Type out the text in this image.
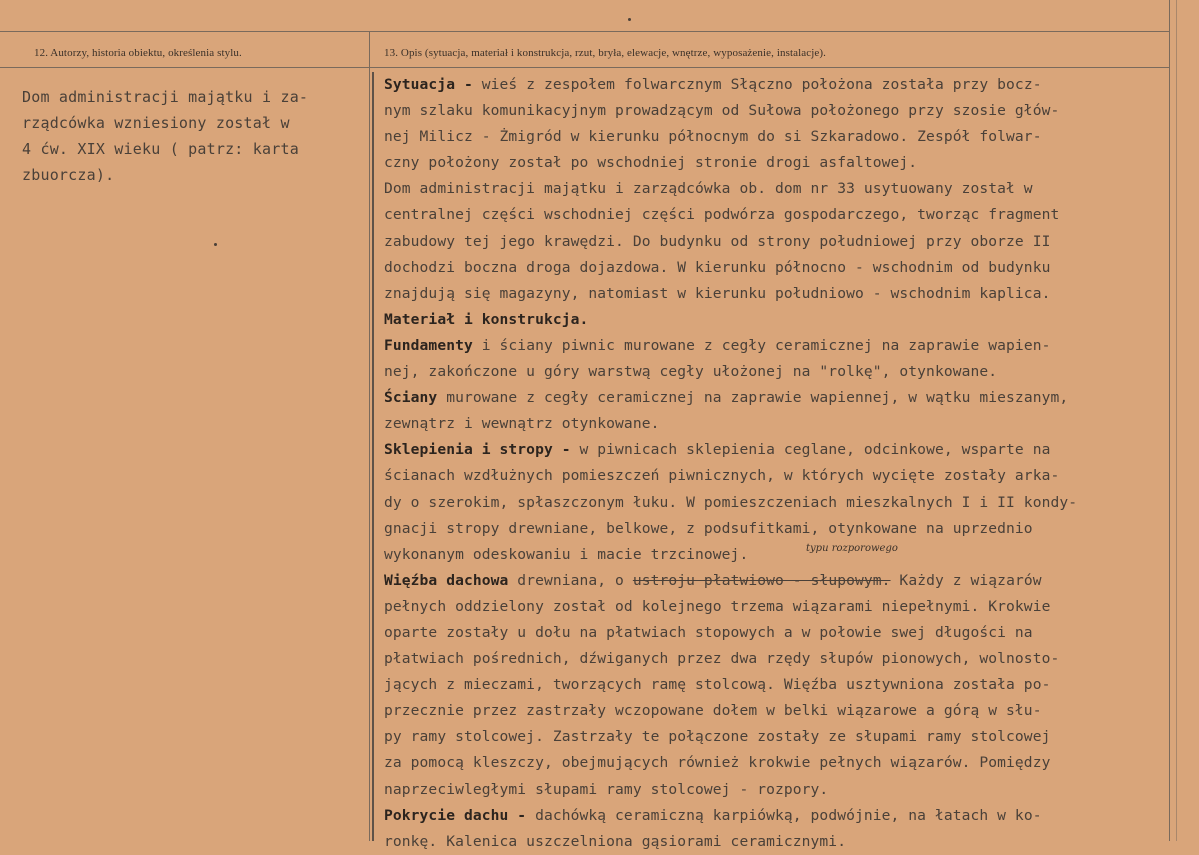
12. Autorzy, historia obiektu, określenia stylu.	13. Opis (sytuacja, materiał i konstrukcja, rzut, bryła, elewacje, wnętrze, wyposażenie, instalacje).
Dom administracji majątku i za-
rządcówka wzniesiony został w
4 ćw. XIX wieku ( patrz: karta
zbuorcza).
Sytuacja - wieś z zespołem folwarcznym Słączno położona została przy bocz-
nym szlaku komunikacyjnym prowadzącym od Sułowa położonego przy szosie głów-
nej Milicz - Żmigród w kierunku północnym do si Szkaradowo. Zespół folwar-
czny położony został po wschodniej stronie drogi asfaltowej.
Dom administracji majątku i zarządcówka ob. dom nr 33 usytuowany został w
centralnej części wschodniej części podwórza gospodarczego, tworząc fragment
zabudowy tej jego krawędzi. Do budynku od strony południowej przy oborze II
dochodzi boczna droga dojazdowa. W kierunku północno - wschodnim od budynku
znajdują się magazyny, natomiast w kierunku południowo - wschodnim kaplica.
Materiał i konstrukcja.
Fundamenty i ściany piwnic murowane z cegły ceramicznej na zaprawie wapien-
nej, zakończone u góry warstwą cegły ułożonej na "rolkę", otynkowane.
Ściany murowane z cegły ceramicznej na zaprawie wapiennej, w wątku mieszanym,
zewnątrz i wewnątrz otynkowane.
Sklepienia i stropy - w piwnicach sklepienia ceglane, odcinkowe, wsparte na
ścianach wzdłużnych pomieszczeń piwnicznych, w których wycięte zostały arka-
dy o szerokim, spłaszczonym łuku. W pomieszczeniach mieszkalnych I i II kondy-
gnacji stropy drewniane, belkowe, z podsufitkami, otynkowane na uprzednio
wykonanym odeskowaniu i macie trzcinowej.
Więźba dachowa drewniana, o ustroju płatwiowo - słupowym. Każdy z wiązarów
pełnych oddzielony został od kolejnego trzema wiązarami niepełnymi. Krokwie
oparte zostały u dołu na płatwiach stopowych a w połowie swej długości na
płatwiach pośrednich, dźwiganych przez dwa rzędy słupów pionowych, wolnosto-
jących z mieczami, tworzących ramę stolcową. Więźba usztywniona została po-
przecznie przez zastrzały wczopowane dołem w belki wiązarowe a górą w słu-
py ramy stolcowej. Zastrzały te połączone zostały ze słupami ramy stolcowej
za pomocą kleszczy, obejmujących również krokwie pełnych wiązarów. Pomiędzy
naprzeciwległymi słupami ramy stolcowej - rozpory.
Pokrycie dachu - dachówką ceramiczną karpiówką, podwójnie, na łatach w ko-
ronkę. Kalenica uszczelniona gąsiorami ceramicznymi.
typu rozporowego
